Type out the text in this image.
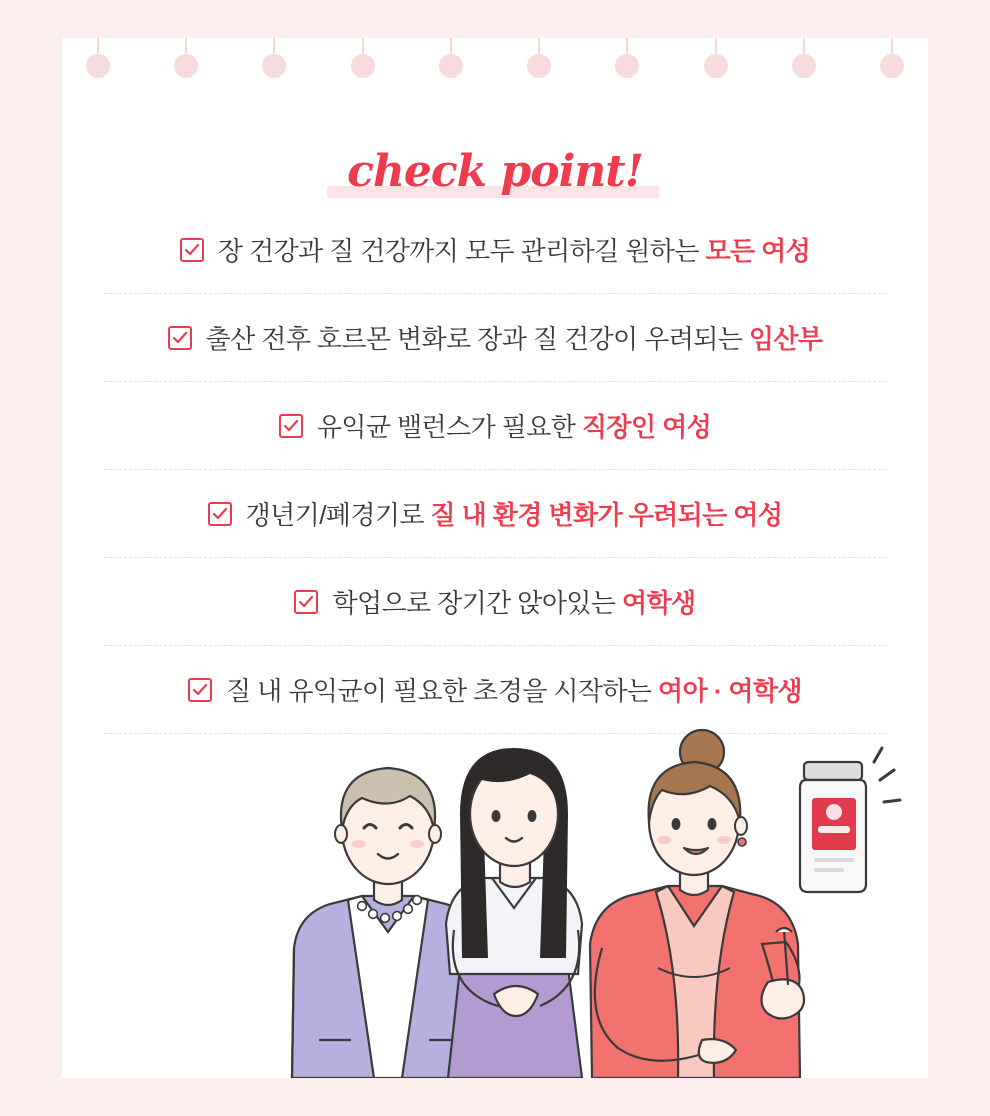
check point!
장 건강과 질 건강까지 모두 관리하길 원하는 모든 여성
출산 전후 호르몬 변화로 장과 질 건강이 우려되는 임산부
유익균 밸런스가 필요한 직장인 여성
갱년기/폐경기로 질 내 환경 변화가 우려되는 여성
학업으로 장기간 앉아있는 여학생
질 내 유익균이 필요한 초경을 시작하는 여아 · 여학생
